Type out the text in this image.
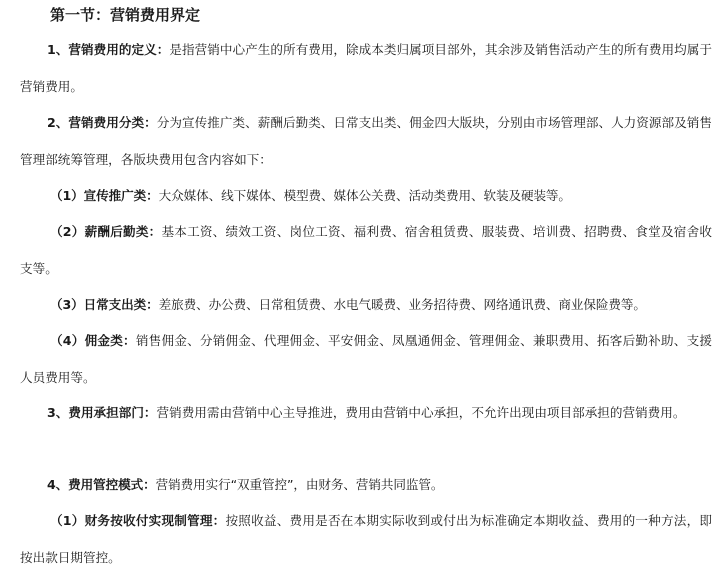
第一节：营销费用界定

1、营销费用的定义：是指营销中心产生的所有费用，除成本类归属项目部外，其余涉及销售活动产生的所有费用均属于营销费用。

2、营销费用分类：分为宣传推广类、薪酬后勤类、日常支出类、佣金四大版块，分别由市场管理部、人力资源部及销售管理部统筹管理，各版块费用包含内容如下：

（1）宣传推广类：大众媒体、线下媒体、模型费、媒体公关费、活动类费用、软装及硬装等。

（2）薪酬后勤类：基本工资、绩效工资、岗位工资、福利费、宿舍租赁费、服装费、培训费、招聘费、食堂及宿舍收支等。

（3）日常支出类：差旅费、办公费、日常租赁费、水电气暖费、业务招待费、网络通讯费、商业保险费等。

（4）佣金类：销售佣金、分销佣金、代理佣金、平安佣金、凤凰通佣金、管理佣金、兼职费用、拓客后勤补助、支援人员费用等。

3、费用承担部门：营销费用需由营销中心主导推进，费用由营销中心承担，不允许出现由项目部承担的营销费用。

4、费用管控模式：营销费用实行“双重管控”，由财务、营销共同监管。

（1）财务按收付实现制管理：按照收益、费用是否在本期实际收到或付出为标准确定本期收益、费用的一种方法，即按出款日期管控。
